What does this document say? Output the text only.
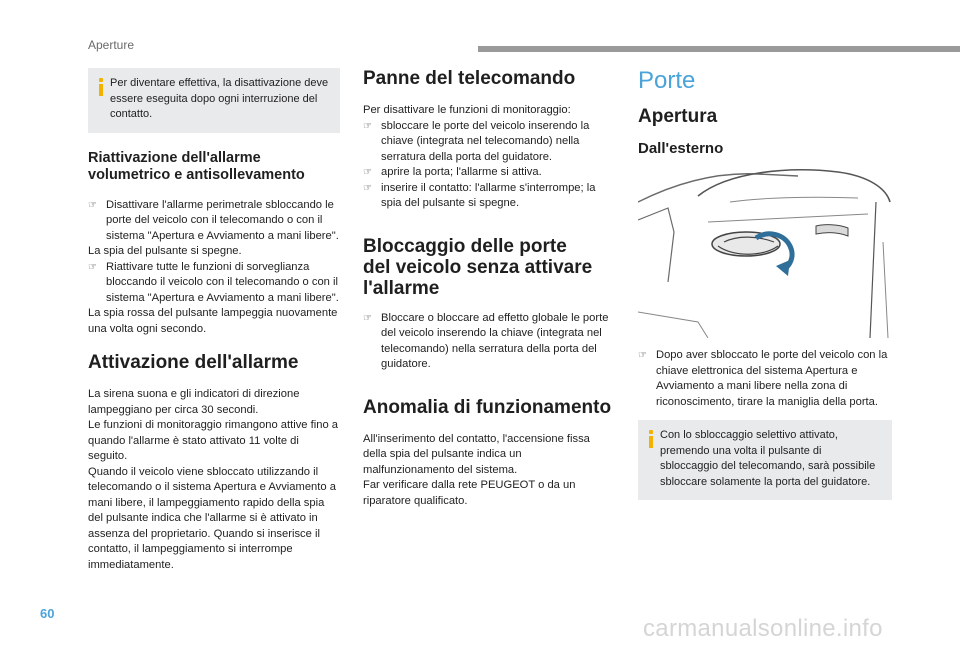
Aperture
Per diventare effettiva, la disattivazione deve essere eseguita dopo ogni interruzione del contatto.
Riattivazione dell'allarme
volumetrico e antisollevamento
☞ Disattivare l'allarme perimetrale sbloccando le porte del veicolo con il telecomando o con il sistema "Apertura e Avviamento a mani libere".

La spia del pulsante si spegne.

☞ Riattivare tutte le funzioni di sorveglianza bloccando il veicolo con il telecomando o con il sistema "Apertura e Avviamento a mani libere".

La spia rossa del pulsante lampeggia nuovamente una volta ogni secondo.

Attivazione dell'allarme

La sirena suona e gli indicatori di direzione lampeggiano per circa 30 secondi.

Le funzioni di monitoraggio rimangono attive fino a quando l'allarme è stato attivato 11 volte di seguito.

Quando il veicolo viene sbloccato utilizzando il telecomando o il sistema Apertura e Avviamento a mani libere, il lampeggiamento rapido della spia del pulsante indica che l'allarme si è attivato in assenza del proprietario. Quando si inserisce il contatto, il lampeggiamento si interrompe immediatamente.

Panne del telecomando

Per disattivare le funzioni di monitoraggio:

☞ sbloccare le porte del veicolo inserendo la chiave (integrata nel telecomando) nella serratura della porta del guidatore.
☞ aprire la porta; l'allarme si attiva.
☞ inserire il contatto: l'allarme s'interrompe; la spia del pulsante si spegne.
Bloccaggio delle porte
del veicolo senza attivare
l'allarme
☞ Bloccare o bloccare ad effetto globale le porte del veicolo inserendo la chiave (integrata nel telecomando) nella serratura della porta del guidatore.
Anomalia di funzionamento

All'inserimento del contatto, l'accensione fissa della spia del pulsante indica un malfunzionamento del sistema.

Far verificare dalla rete PEUGEOT o da un riparatore qualificato.

Porte
Apertura
Dall'esterno
☞ Dopo aver sbloccato le porte del veicolo con la chiave elettronica del sistema Apertura e Avviamento a mani libere nella zona di riconoscimento, tirare la maniglia della porta.
Con lo sbloccaggio selettivo attivato, premendo una volta il pulsante di sbloccaggio del telecomando, sarà possibile sbloccare solamente la porta del guidatore.
60
carmanualsonline.info
